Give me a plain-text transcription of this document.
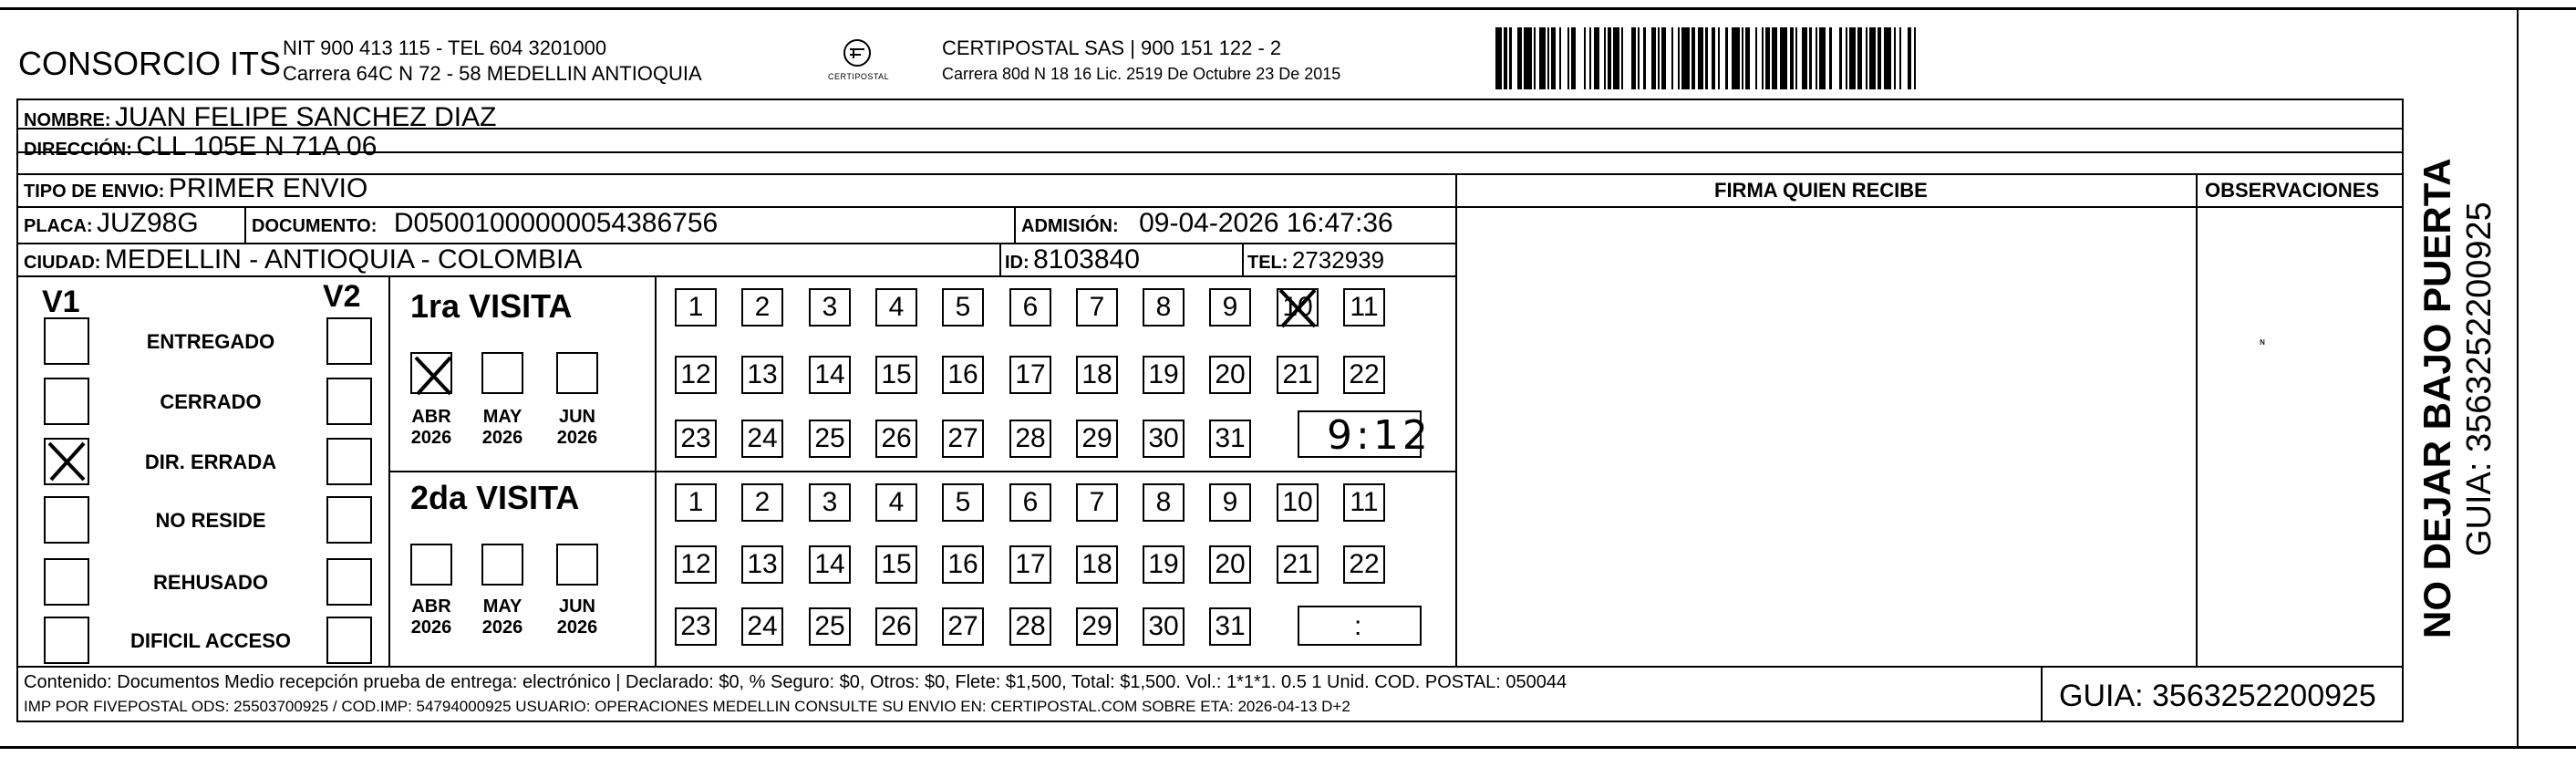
CONSORCIO ITS NIT 900 413 115 - TEL 604 3201000
Carrera 64C N 72 - 58 MEDELLIN ANTIOQUIA	CERTIPOSTAL
CERTIPOSTAL SAS | 900 151 122 - 2
Carrera 80d N 18 16 Lic. 2519 De Octubre 23 De 2015
NOMBRE: JUAN FELIPE SANCHEZ DIAZ
DIRECCIÓN: CLL 105E N 71A 06
TIPO DE ENVIO: PRIMER ENVIO	FIRMA QUIEN RECIBE	OBSERVACIONES
PLACA: JUZ98G	DOCUMENTO: D05001000000054386756	ADMISIÓN: 09-04-2026 16:47:36
CIUDAD: MEDELLIN - ANTIOQUIA - COLOMBIA	ID: 8103840	TEL: 2732939
V1	V2
ENTREGADO
CERRADO
DIR. ERRADA
NO RESIDE
REHUSADO
DIFICIL ACCESO
1ra VISITA
ABR
2026
MAY
2026
JUN
2026
1	2	3	4	5	6	7	8	9	10 11
12 13 14 15 16 17 18 19 20 21 22
23 24 25 26 27 28 29 30 31 9:12
2da VISITA
ABR
2026
MAY
2026
JUN
2026
1	2	3	4	5	6	7	8	9	10 11
12 13 14 15 16 17 18 19 20 21 22
23 24 25 26 27 28 29 30 31	:
ᶰ
Contenido: Documentos Medio recepción prueba de entrega: electrónico | Declarado: $0, % Seguro: $0, Otros: $0, Flete: $1,500, Total: $1,500. Vol.: 1*1*1. 0.5 1 Unid. COD. POSTAL: 050044
IMP POR FIVEPOSTAL ODS: 25503700925 / COD.IMP: 54794000925 USUARIO: OPERACIONES MEDELLIN CONSULTE SU ENVIO EN: CERTIPOSTAL.COM SOBRE ETA: 2026-04-13 D+2	GUIA: 3563252200925
NO DEJAR BAJO PUERTA GUIA: 3563252200925
